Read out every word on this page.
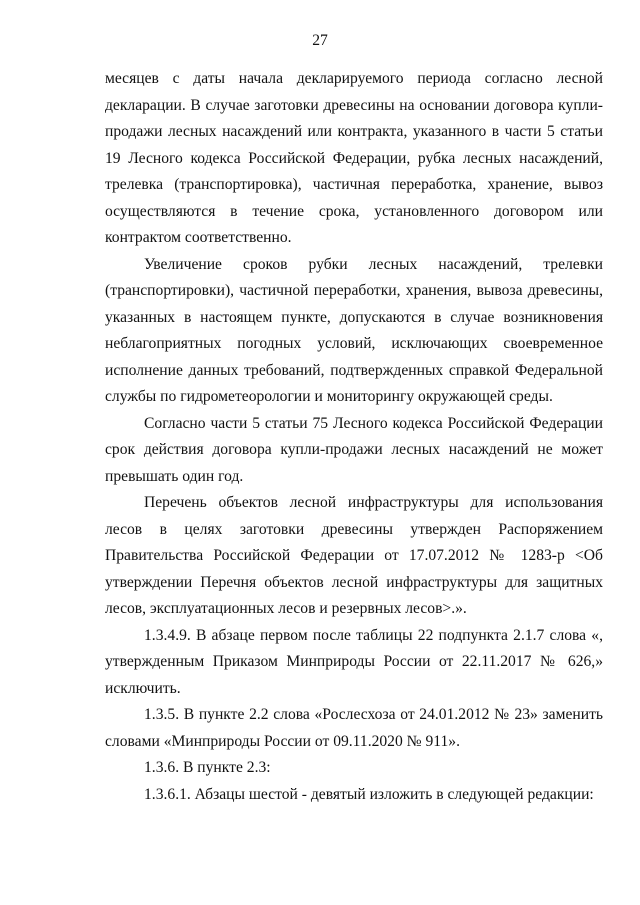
27

месяцев с даты начала декларируемого периода согласно лесной декларации. В случае заготовки древесины на основании договора купли-продажи лесных насаждений или контракта, указанного в части 5 статьи 19 Лесного кодекса Российской Федерации, рубка лесных насаждений, трелевка (транспортировка), частичная переработка, хранение, вывоз осуществляются в течение срока, установленного договором или контрактом соответственно.

Увеличение сроков рубки лесных насаждений, трелевки (транспортировки), частичной переработки, хранения, вывоза древесины, указанных в настоящем пункте, допускаются в случае возникновения неблагоприятных погодных условий, исключающих своевременное исполнение данных требований, подтвержденных справкой Федеральной службы по гидрометеорологии и мониторингу окружающей среды.

Согласно части 5 статьи 75 Лесного кодекса Российской Федерации срок действия договора купли-продажи лесных насаждений не может превышать один год.

Перечень объектов лесной инфраструктуры для использования лесов в целях заготовки древесины утвержден Распоряжением Правительства Российской Федерации от 17.07.2012 № 1283-р <Об утверждении Перечня объектов лесной инфраструктуры для защитных лесов, эксплуатационных лесов и резервных лесов>.».

1.3.4.9. В абзаце первом после таблицы 22 подпункта 2.1.7 слова «, утвержденным Приказом Минприроды России от 22.11.2017 № 626,» исключить.

1.3.5. В пункте 2.2 слова «Рослесхоза от 24.01.2012 № 23» заменить словами «Минприроды России от 09.11.2020 № 911».

1.3.6. В пункте 2.3:

1.3.6.1. Абзацы шестой - девятый изложить в следующей редакции:
